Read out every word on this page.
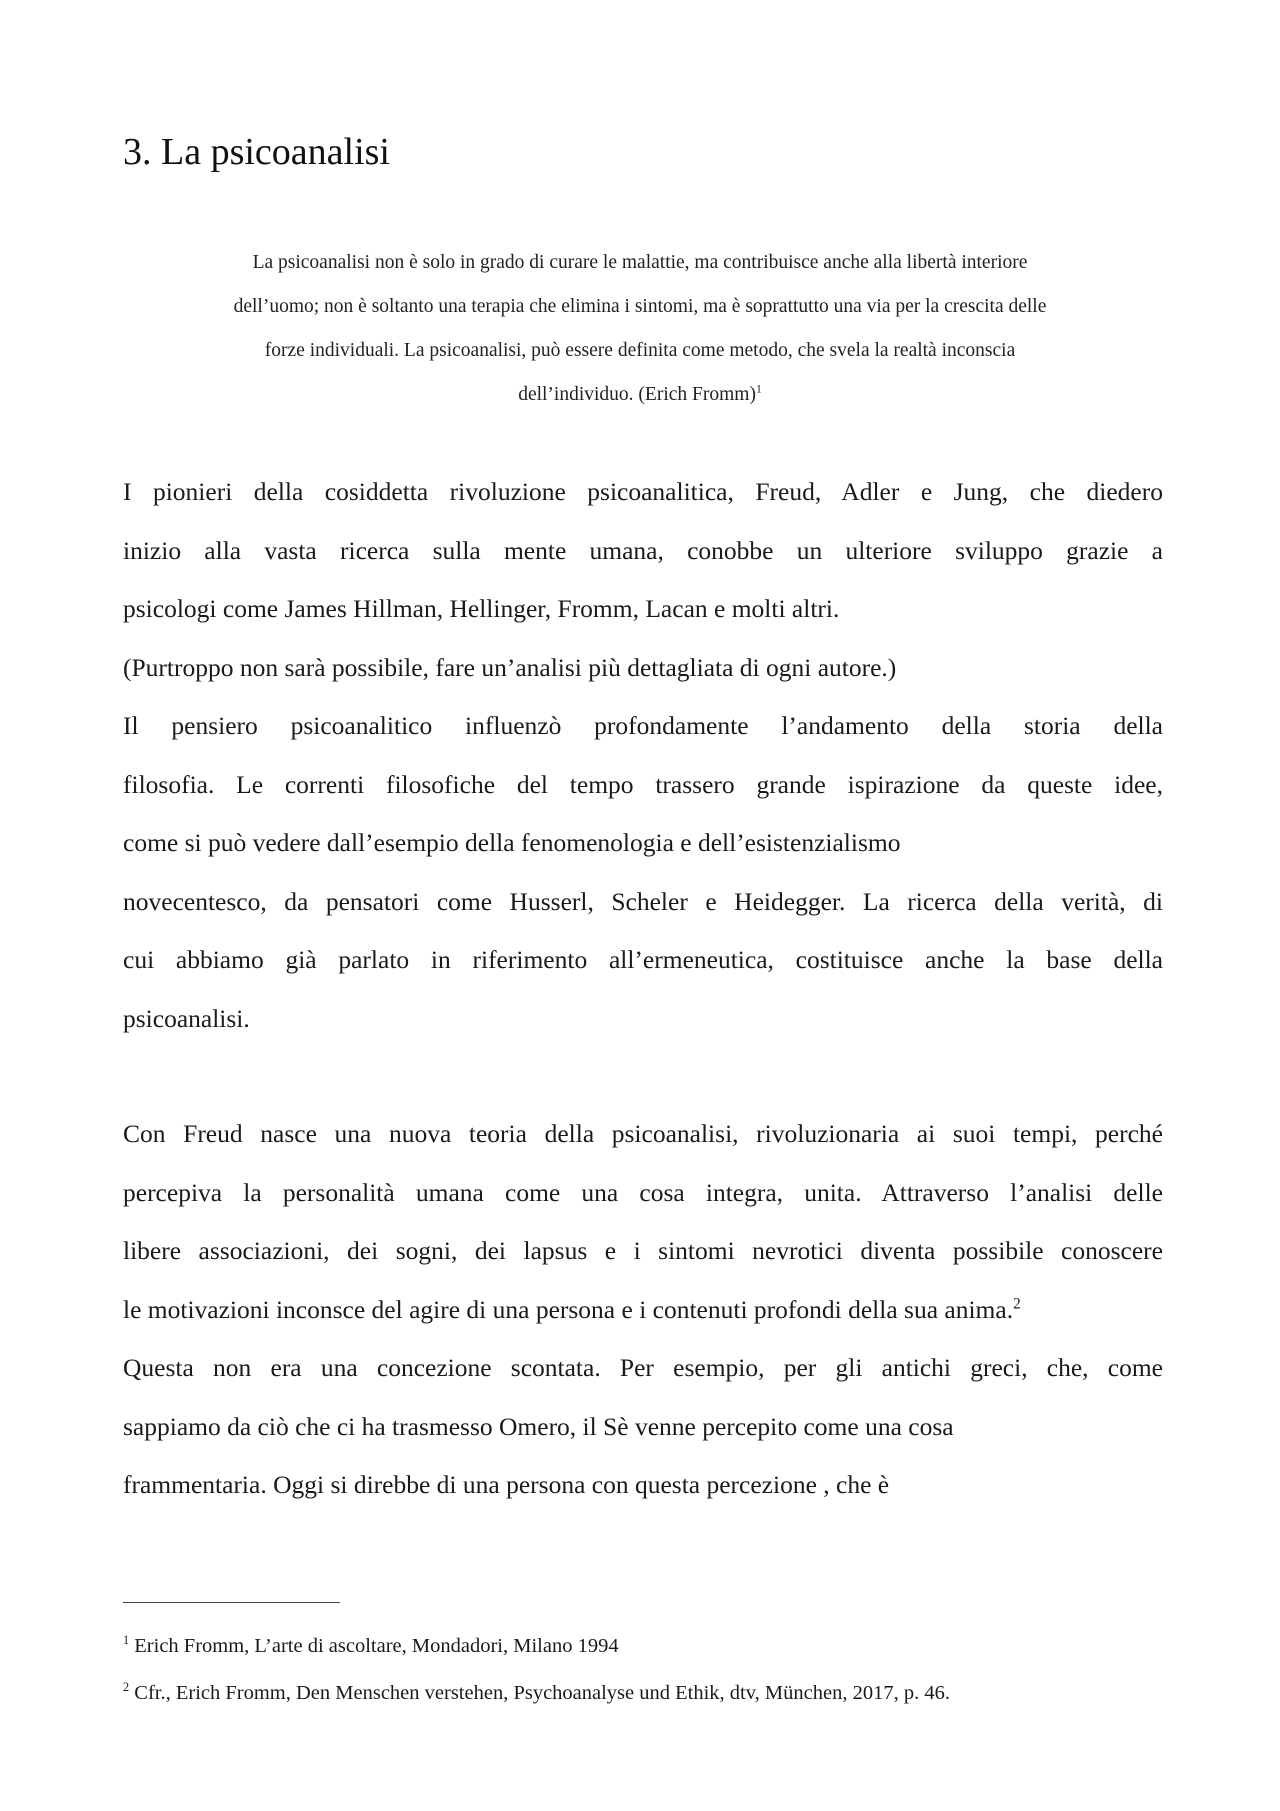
3. La psicoanalisi
La psicoanalisi non è solo in grado di curare le malattie, ma contribuisce anche alla libertà interiore
dell’uomo; non è soltanto una terapia che elimina i sintomi, ma è soprattutto una via per la crescita delle
forze individuali. La psicoanalisi, può essere definita come metodo, che svela la realtà inconscia
dell’individuo. (Erich Fromm)$^1$
I pionieri della cosiddetta rivoluzione psicoanalitica, Freud, Adler e Jung, che diedero
inizio alla vasta ricerca sulla mente umana, conobbe un ulteriore sviluppo grazie a
psicologi come James Hillman, Hellinger, Fromm, Lacan e molti altri.
(Purtroppo non sarà possibile, fare un’analisi più dettagliata di ogni autore.)
Il pensiero psicoanalitico influenzò profondamente l’andamento della storia della
filosofia. Le correnti filosofiche del tempo trassero grande ispirazione da queste idee,
come si può vedere dall’esempio della fenomenologia e dell’esistenzialismo
novecentesco, da pensatori come Husserl, Scheler e Heidegger. La ricerca della verità, di
cui abbiamo già parlato in riferimento all’ermeneutica, costituisce anche la base della
psicoanalisi.
Con Freud nasce una nuova teoria della psicoanalisi, rivoluzionaria ai suoi tempi, perché
percepiva la personalità umana come una cosa integra, unita. Attraverso l’analisi delle
libere associazioni, dei sogni, dei lapsus e i sintomi nevrotici diventa possibile conoscere
le motivazioni inconsce del agire di una persona e i contenuti profondi della sua anima.$^2$
Questa non era una concezione scontata. Per esempio, per gli antichi greci, che, come
sappiamo da ciò che ci ha trasmesso Omero, il Sè venne percepito come una cosa
frammentaria. Oggi si direbbe di una persona con questa percezione , che è
$^1$ Erich Fromm, L’arte di ascoltare, Mondadori, Milano 1994
$^2$ Cfr., Erich Fromm, Den Menschen verstehen, Psychoanalyse und Ethik, dtv, München, 2017, p. 46.
